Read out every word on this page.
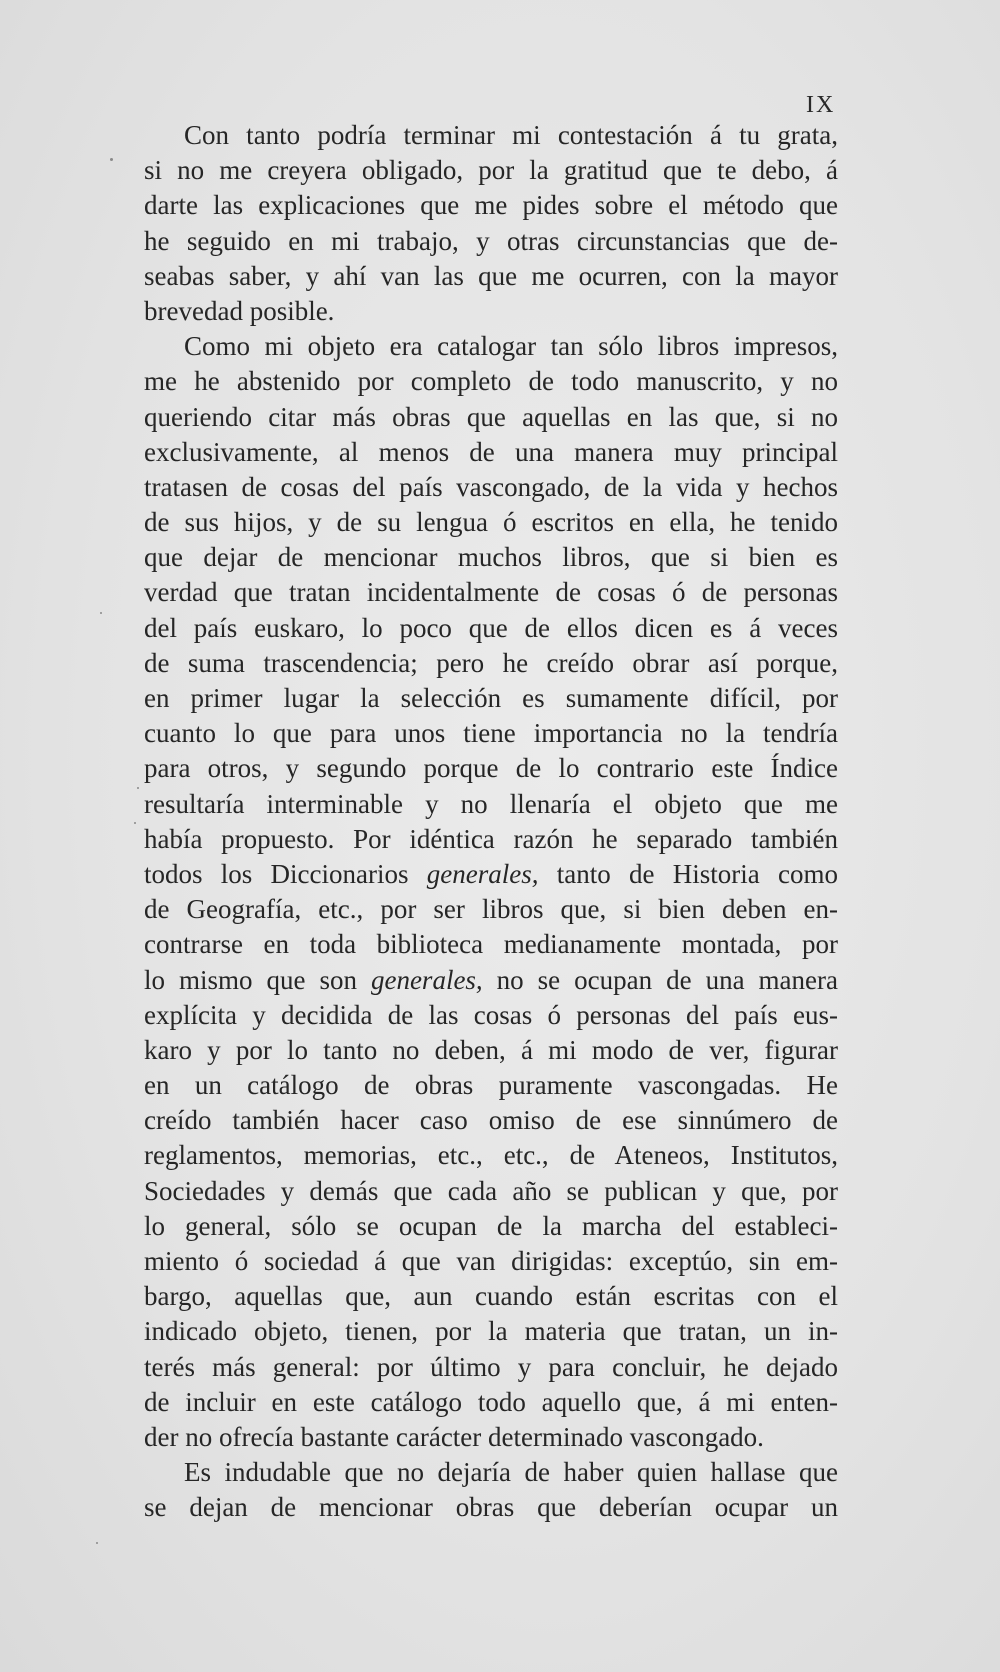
IX
Con tanto podría terminar mi contestación á tu grata,
si no me creyera obligado, por la gratitud que te debo, á
darte las explicaciones que me pides sobre el método que
he seguido en mi trabajo, y otras circunstancias que de-
seabas saber, y ahí van las que me ocurren, con la mayor
brevedad posible.
Como mi objeto era catalogar tan sólo libros impresos,
me he abstenido por completo de todo manuscrito, y no
queriendo citar más obras que aquellas en las que, si no
exclusivamente, al menos de una manera muy principal
tratasen de cosas del país vascongado, de la vida y hechos
de sus hijos, y de su lengua ó escritos en ella, he tenido
que dejar de mencionar muchos libros, que si bien es
verdad que tratan incidentalmente de cosas ó de personas
del país euskaro, lo poco que de ellos dicen es á veces
de suma trascendencia; pero he creído obrar así porque,
en primer lugar la selección es sumamente difícil, por
cuanto lo que para unos tiene importancia no la tendría
para otros, y segundo porque de lo contrario este Índice
resultaría interminable y no llenaría el objeto que me
había propuesto. Por idéntica razón he separado también
todos los Diccionarios generales, tanto de Historia como
de Geografía, etc., por ser libros que, si bien deben en-
contrarse en toda biblioteca medianamente montada, por
lo mismo que son generales, no se ocupan de una manera
explícita y decidida de las cosas ó personas del país eus-
karo y por lo tanto no deben, á mi modo de ver, figurar
en un catálogo de obras puramente vascongadas. He
creído también hacer caso omiso de ese sinnúmero de
reglamentos, memorias, etc., etc., de Ateneos, Institutos,
Sociedades y demás que cada año se publican y que, por
lo general, sólo se ocupan de la marcha del estableci-
miento ó sociedad á que van dirigidas: exceptúo, sin em-
bargo, aquellas que, aun cuando están escritas con el
indicado objeto, tienen, por la materia que tratan, un in-
terés más general: por último y para concluir, he dejado
de incluir en este catálogo todo aquello que, á mi enten-
der no ofrecía bastante carácter determinado vascongado.
Es indudable que no dejaría de haber quien hallase que
se dejan de mencionar obras que deberían ocupar un
